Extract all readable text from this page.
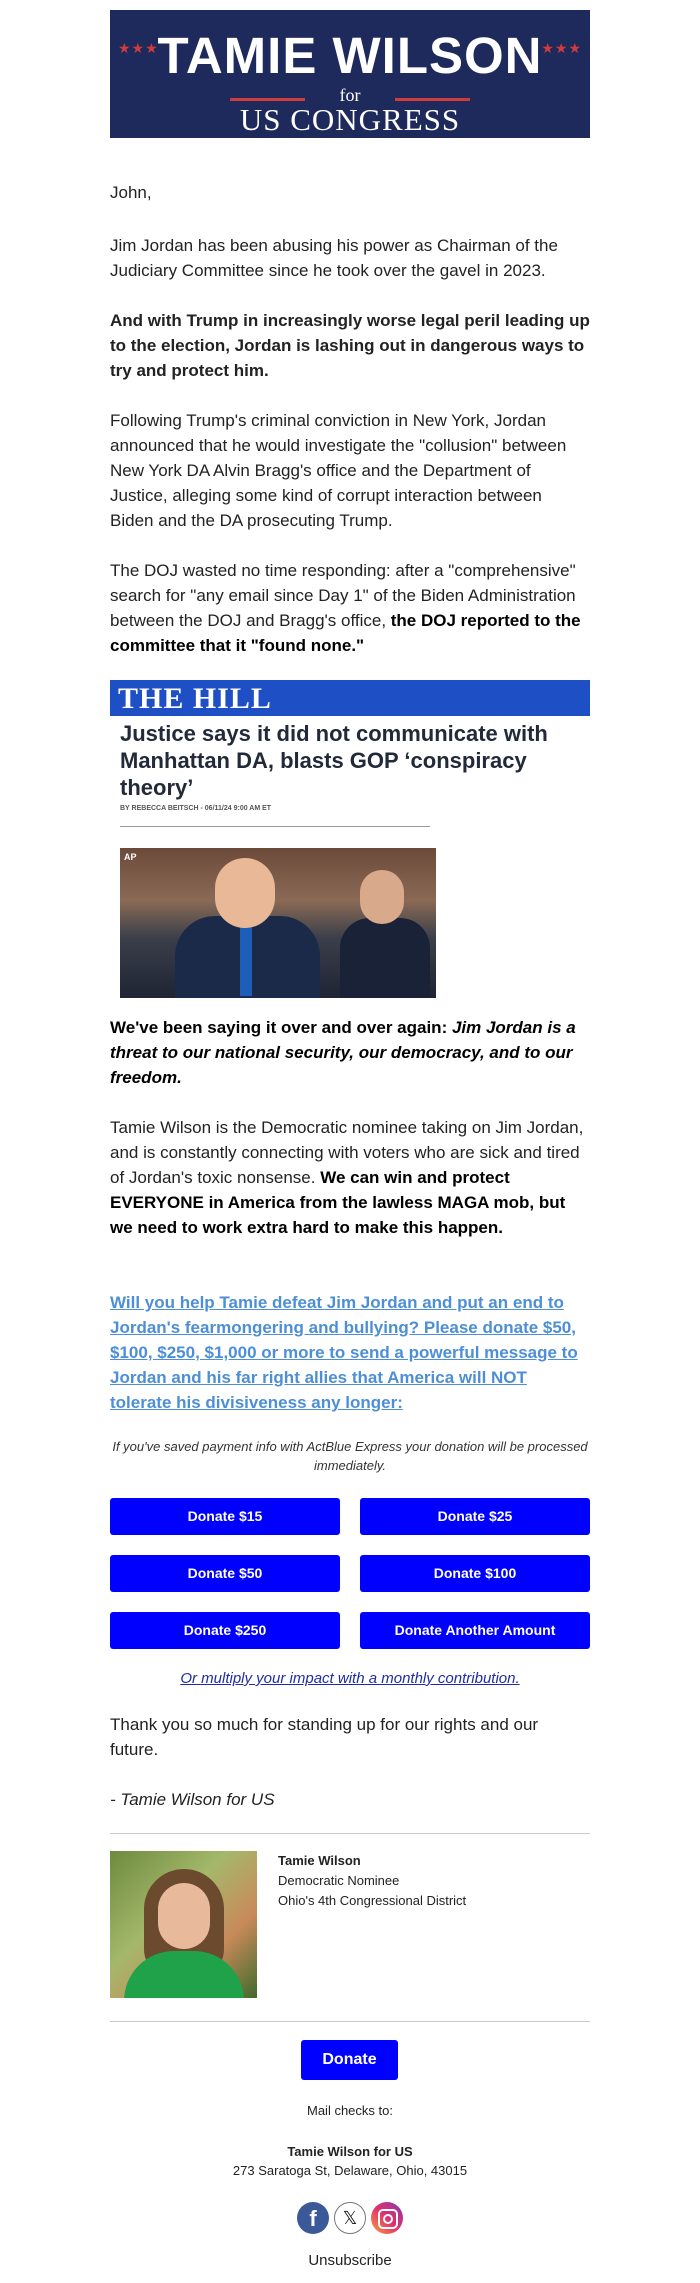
★★★	★★★
TAMIE WILSON
for
US CONGRESS

John,

Jim Jordan has been abusing his power as Chairman of the Judiciary Committee since he took over the gavel in 2023.

And with Trump in increasingly worse legal peril leading up to the election, Jordan is lashing out in dangerous ways to try and protect him.

Following Trump's criminal conviction in New York, Jordan announced that he would investigate the "collusion" between New York DA Alvin Bragg's office and the Department of Justice, alleging some kind of corrupt interaction between Biden and the DA prosecuting Trump.

The DOJ wasted no time responding: after a "comprehensive" search for "any email since Day 1" of the Biden Administration between the DOJ and Bragg's office, the DOJ reported to the committee that it "found none."

THE HILL
Justice says it did not communicate with Manhattan DA, blasts GOP ‘conspiracy theory’
BY REBECCA BEITSCH - 06/11/24 9:00 AM ET
AP

We've been saying it over and over again: Jim Jordan is a threat to our national security, our democracy, and to our freedom.

Tamie Wilson is the Democratic nominee taking on Jim Jordan, and is constantly connecting with voters who are sick and tired of Jordan's toxic nonsense. We can win and protect EVERYONE in America from the lawless MAGA mob, but we need to work extra hard to make this happen.

Will you help Tamie defeat Jim Jordan and put an end to Jordan's fearmongering and bullying? Please donate $50, $100, $250, $1,000 or more to send a powerful message to Jordan and his far right allies that America will NOT tolerate his divisiveness any longer:

If you've saved payment info with ActBlue Express your donation will be processed immediately.

Donate $15	Donate $25
Donate $50	Donate $100
Donate $250	Donate Another Amount
Or multiply your impact with a monthly contribution.

Thank you so much for standing up for our rights and our future.

- Tamie Wilson for US

Tamie Wilson
Democratic Nominee
Ohio's 4th Congressional District
Donate
Mail checks to:
Tamie Wilson for US
273 Saratoga St, Delaware, Ohio, 43015
f	𝕏
Unsubscribe
